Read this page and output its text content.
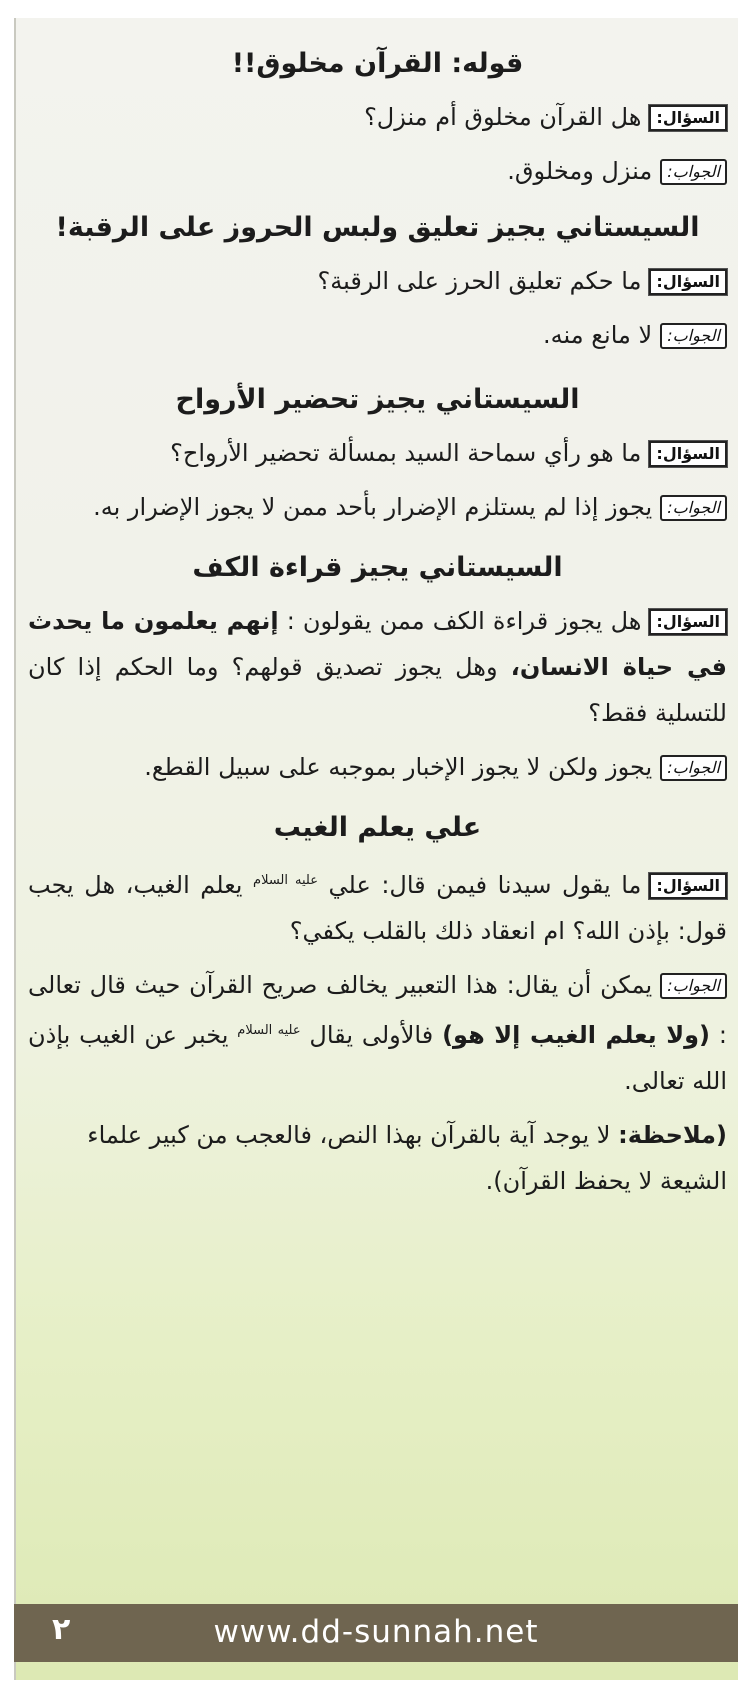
قوله: القرآن مخلوق!!
السؤال:هل القرآن مخلوق أم منزل؟
الجواب:منزل ومخلوق.
السيستاني يجيز تعليق ولبس الحروز على الرقبة!
السؤال:ما حكم تعليق الحرز على الرقبة؟
الجواب:لا مانع منه.
السيستاني يجيز تحضير الأرواح
السؤال:ما هو رأي سماحة السيد بمسألة تحضير الأرواح؟
الجواب:يجوز إذا لم يستلزم الإضرار بأحد ممن لا يجوز الإضرار به.
السيستاني يجيز قراءة الكف
السؤال:هل يجوز قراءة الكف ممن يقولون : إنهم يعلمون ما يحدث في حياة الانسان، وهل يجوز تصديق قولهم؟ وما الحكم إذا كان للتسلية فقط؟
الجواب:يجوز ولكن لا يجوز الإخبار بموجبه على سبيل القطع.
علي يعلم الغيب
السؤال:ما يقول سيدنا فيمن قال: علي $^{عليه السلام}$ يعلم الغيب، هل يجب قول: بإذن الله؟ ام انعقاد ذلك بالقلب يكفي؟
الجواب:يمكن أن يقال: هذا التعبير يخالف صريح القرآن حيث قال تعالى : (ولا يعلم الغيب إلا هو) فالأولى يقال $^{عليه السلام}$ يخبر عن الغيب بإذن الله تعالى.
(ملاحظة: لا يوجد آية بالقرآن بهذا النص، فالعجب من كبير علماء الشيعة لا يحفظ القرآن).
www.dd-sunnah.net
٢
